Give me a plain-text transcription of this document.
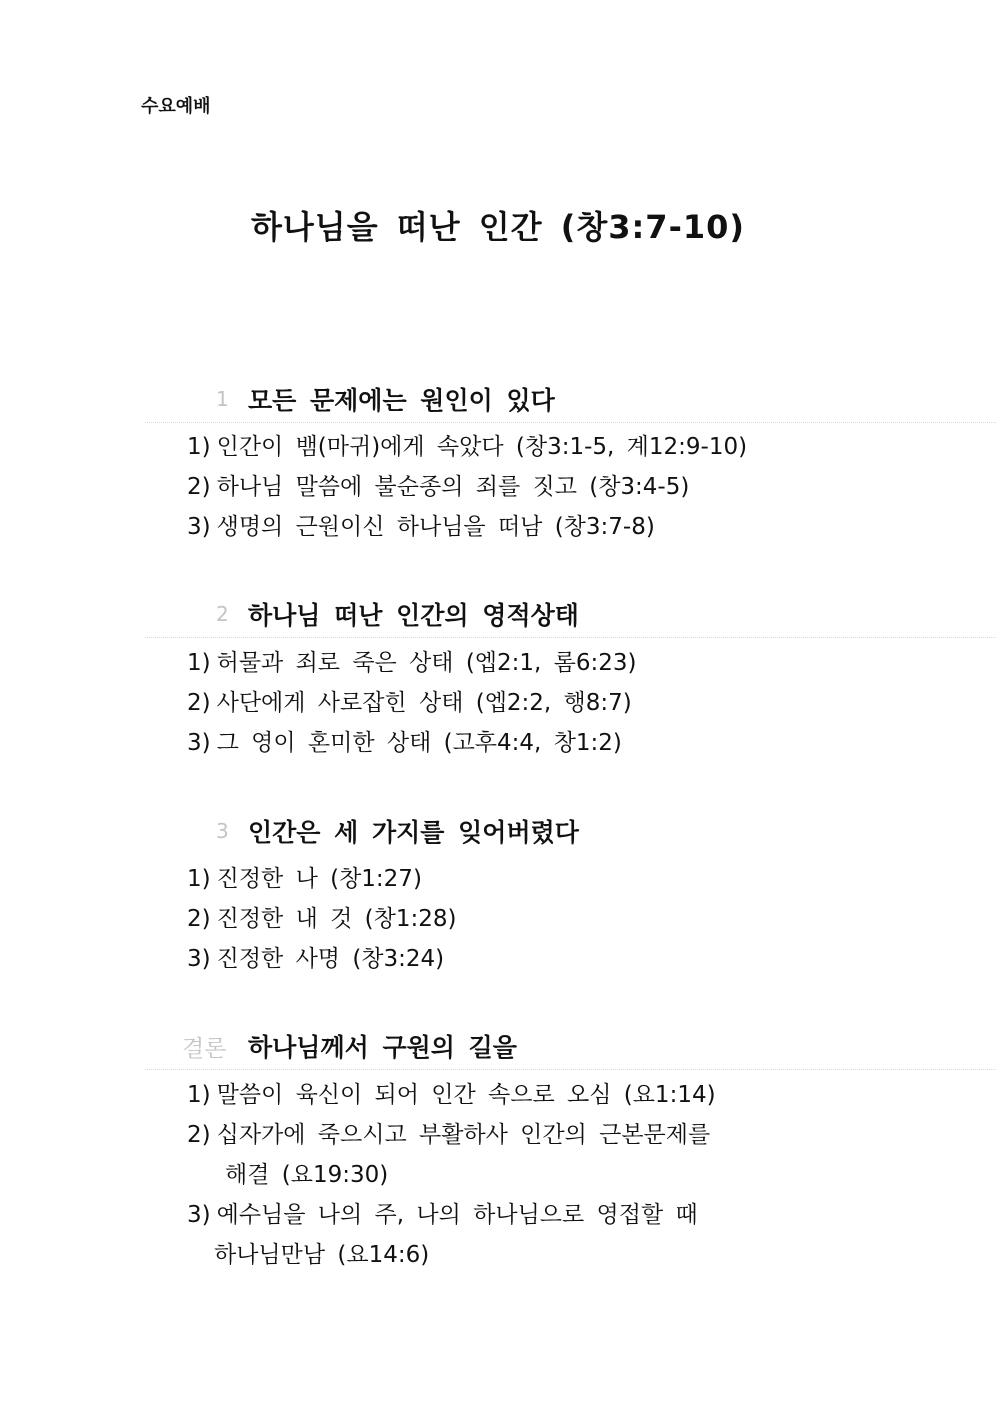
수요예배
하나님을 떠난 인간 (창3:7-10)
1 모든 문제에는 원인이 있다
1) 인간이 뱀(마귀)에게 속았다 (창3:1-5, 계12:9-10)
2) 하나님 말씀에 불순종의 죄를 짓고 (창3:4-5)
3) 생명의 근원이신 하나님을 떠남 (창3:7-8)
2 하나님 떠난 인간의 영적상태
1) 허물과 죄로 죽은 상태 (엡2:1, 롬6:23)
2) 사단에게 사로잡힌 상태 (엡2:2, 행8:7)
3) 그 영이 혼미한 상태 (고후4:4, 창1:2)
3 인간은 세 가지를 잊어버렸다
1) 진정한 나 (창1:27)
2) 진정한 내 것 (창1:28)
3) 진정한 사명 (창3:24)
결론 하나님께서 구원의 길을
1) 말씀이 육신이 되어 인간 속으로 오심 (요1:14)
2) 십자가에 죽으시고 부활하사 인간의 근본문제를
해결 (요19:30)
3) 예수님을 나의 주, 나의 하나님으로 영접할 때
하나님만남 (요14:6)
